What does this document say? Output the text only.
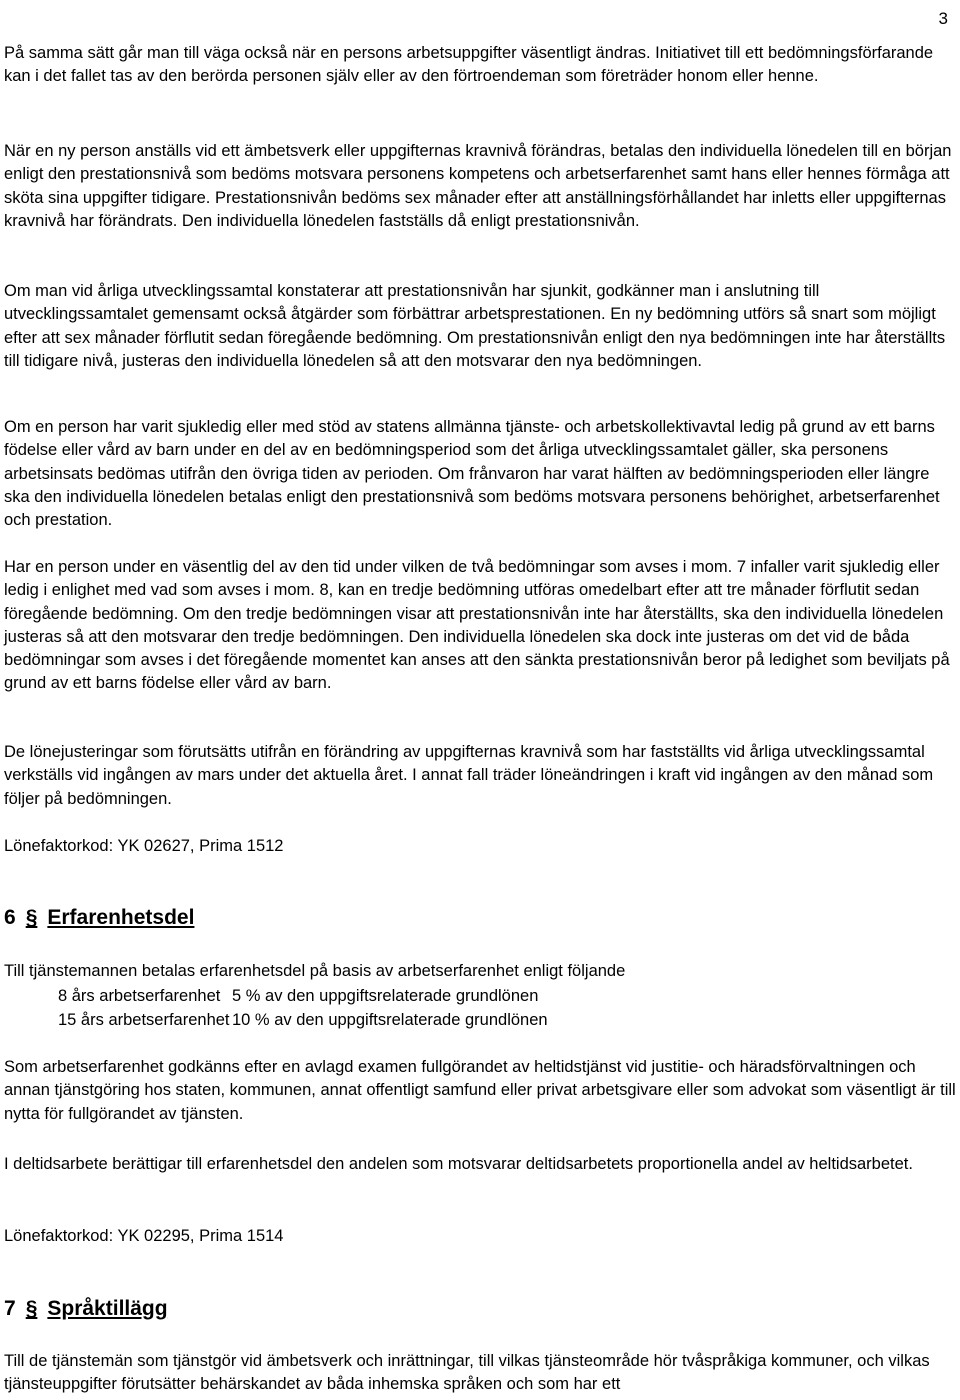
3

På samma sätt går man till väga också när en persons arbetsuppgifter väsentligt ändras. Initiativet till ett bedömningsförfarande kan i det fallet tas av den berörda personen själv eller av den förtroendeman som företräder honom eller henne.

När en ny person anställs vid ett ämbetsverk eller uppgifternas kravnivå förändras, betalas den individuella lönedelen till en början enligt den prestationsnivå som bedöms motsvara personens kompetens och arbetserfarenhet samt hans eller hennes förmåga att sköta sina uppgifter tidigare. Prestationsnivån bedöms sex månader efter att anställningsförhållandet har inletts eller uppgifternas kravnivå har förändrats. Den individuella lönedelen fastställs då enligt prestationsnivån.

Om man vid årliga utvecklingssamtal konstaterar att prestationsnivån har sjunkit, godkänner man i anslutning till utvecklingssamtalet gemensamt också åtgärder som förbättrar arbetsprestationen. En ny bedömning utförs så snart som möjligt efter att sex månader förflutit sedan föregående bedömning. Om prestationsnivån enligt den nya bedömningen inte har återställts till tidigare nivå, justeras den individuella lönedelen så att den motsvarar den nya bedömningen.

Om en person har varit sjukledig eller med stöd av statens allmänna tjänste- och arbetskollektivavtal ledig på grund av ett barns födelse eller vård av barn under en del av en bedömningsperiod som det årliga utvecklingssamtalet gäller, ska personens arbetsinsats bedömas utifrån den övriga tiden av perioden. Om frånvaron har varat hälften av bedömningsperioden eller längre ska den individuella lönedelen betalas enligt den prestationsnivå som bedöms motsvara personens behörighet, arbetserfarenhet och prestation.

Har en person under en väsentlig del av den tid under vilken de två bedömningar som avses i mom. 7 infaller varit sjukledig eller ledig i enlighet med vad som avses i mom. 8, kan en tredje bedömning utföras omedelbart efter att tre månader förflutit sedan föregående bedömning. Om den tredje bedömningen visar att prestationsnivån inte har återställts, ska den individuella lönedelen justeras så att den motsvarar den tredje bedömningen. Den individuella lönedelen ska dock inte justeras om det vid de båda bedömningar som avses i det föregående momentet kan anses att den sänkta prestationsnivån beror på ledighet som beviljats på grund av ett barns födelse eller vård av barn.

De lönejusteringar som förutsätts utifrån en förändring av uppgifternas kravnivå som har fastställts vid årliga utvecklingssamtal verkställs vid ingången av mars under det aktuella året. I annat fall träder löneändringen i kraft vid ingången av den månad som följer på bedömningen.

Lönefaktorkod: YK 02627, Prima 1512

6 § Erfarenhetsdel

Till tjänstemannen betalas erfarenhetsdel på basis av arbetserfarenhet enligt följande

8 års arbetserfarenhet	5 % av den uppgiftsrelaterade grundlönen
15 års arbetserfarenhet	10 % av den uppgiftsrelaterade grundlönen

Som arbetserfarenhet godkänns efter en avlagd examen fullgörandet av heltidstjänst vid justitie- och häradsförvaltningen och annan tjänstgöring hos staten, kommunen, annat offentligt samfund eller privat arbetsgivare eller som advokat som väsentligt är till nytta för fullgörandet av tjänsten.

I deltidsarbete berättigar till erfarenhetsdel den andelen som motsvarar deltidsarbetets proportionella andel av heltidsarbetet.

Lönefaktorkod: YK 02295, Prima 1514

7 § Språktillägg

Till de tjänstemän som tjänstgör vid ämbetsverk och inrättningar, till vilkas tjänsteområde hör tvåspråkiga kommuner, och vilkas tjänsteuppgifter förutsätter behärskandet av båda inhemska språken och som har ett
